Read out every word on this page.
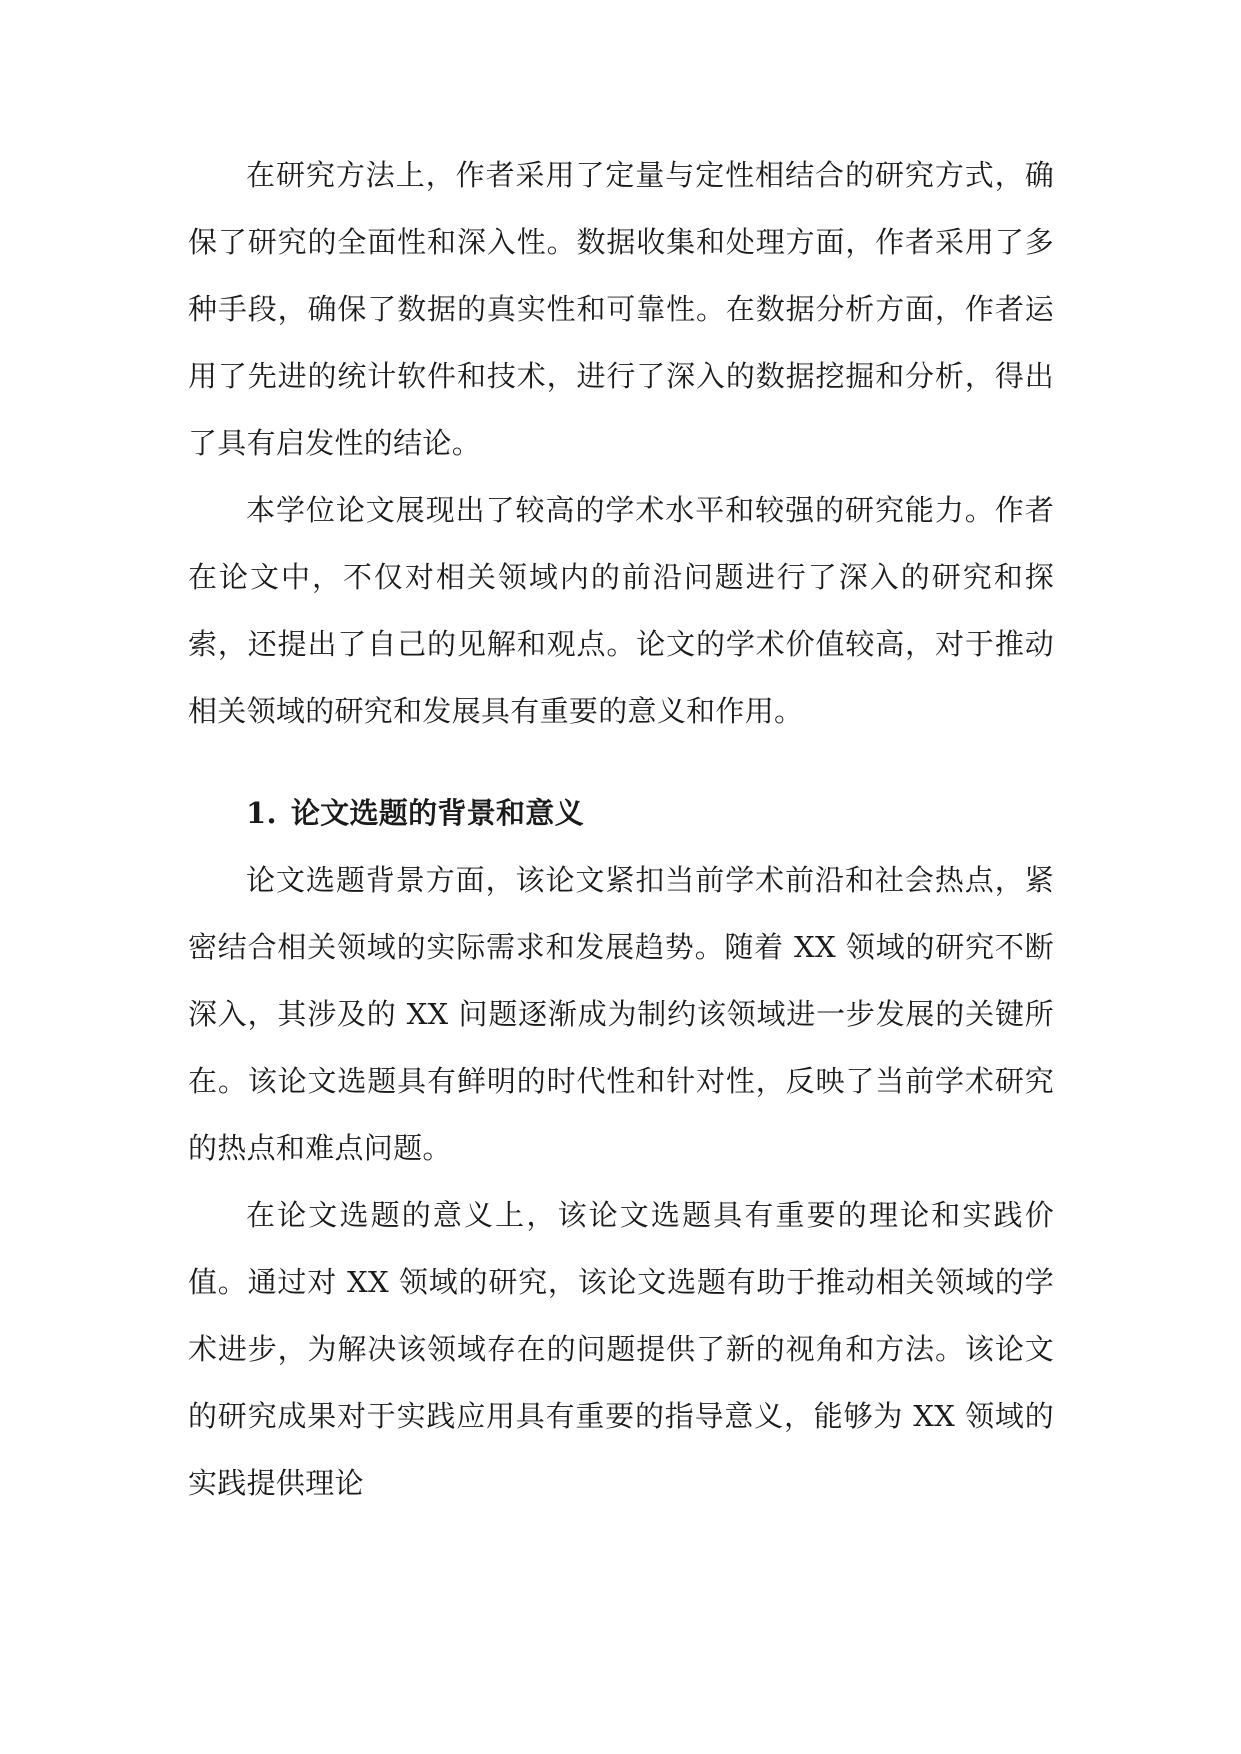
在研究方法上，作者采用了定量与定性相结合的研究方式，确保了研究的全面性和深入性。数据收集和处理方面，作者采用了多种手段，确保了数据的真实性和可靠性。在数据分析方面，作者运用了先进的统计软件和技术，进行了深入的数据挖掘和分析，得出了具有启发性的结论。

本学位论文展现出了较高的学术水平和较强的研究能力。作者在论文中，不仅对相关领域内的前沿问题进行了深入的研究和探索，还提出了自己的见解和观点。论文的学术价值较高，对于推动相关领域的研究和发展具有重要的意义和作用。

1. 论文选题的背景和意义

论文选题背景方面，该论文紧扣当前学术前沿和社会热点，紧密结合相关领域的实际需求和发展趋势。随着 XX 领域的研究不断深入，其涉及的 XX 问题逐渐成为制约该领域进一步发展的关键所在。该论文选题具有鲜明的时代性和针对性，反映了当前学术研究的热点和难点问题。

在论文选题的意义上，该论文选题具有重要的理论和实践价值。通过对 XX 领域的研究，该论文选题有助于推动相关领域的学术进步，为解决该领域存在的问题提供了新的视角和方法。该论文的研究成果对于实践应用具有重要的指导意义，能够为 XX 领域的实践提供理论
